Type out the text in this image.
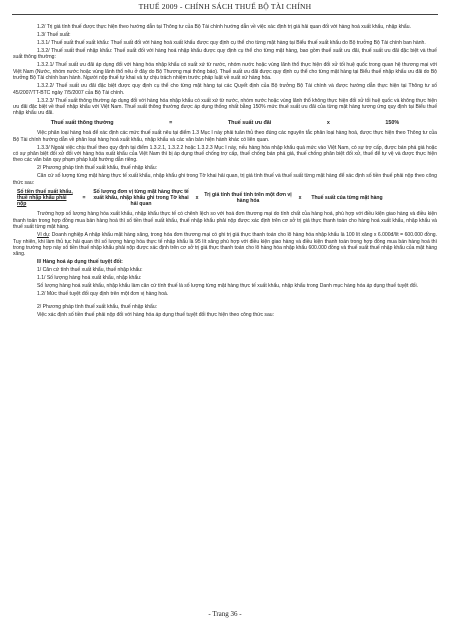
THUẾ 2009 - CHÍNH SÁCH THUẾ BỘ TÀI CHÍNH

1.2/ Trị giá tính thuế được thực hiện theo hướng dẫn tại Thông tư của Bộ Tài chính hướng dẫn về việc xác định trị giá hải quan đối với hàng hoá xuất khẩu, nhập khẩu.

1.3/ Thuế suất:

1.3.1/ Thuế suất thuế xuất khẩu: Thuế suất đối với hàng hoá xuất khẩu được quy định cụ thể cho từng mặt hàng tại Biểu thuế xuất khẩu do Bộ trưởng Bộ Tài chính ban hành.

1.3.2/ Thuế suất thuế nhập khẩu: Thuế suất đối với hàng hoá nhập khẩu được quy định cụ thể cho từng mặt hàng, bao gồm thuế suất ưu đãi, thuế suất ưu đãi đặc biệt và thuế suất thông thường:

1.3.2.1/ Thuế suất ưu đãi áp dụng đối với hàng hóa nhập khẩu có xuất xứ từ nước, nhóm nước hoặc vùng lãnh thổ thực hiện đối xử tối huệ quốc trong quan hệ thương mại với Việt Nam (Nước, nhóm nước hoặc vùng lãnh thổ nêu ở đây do Bộ Thương mại thông báo). Thuế suất ưu đãi được quy định cụ thể cho từng mặt hàng tại Biểu thuế nhập khẩu ưu đãi do Bộ trưởng Bộ Tài chính ban hành. Người nộp thuế tự khai và tự chịu trách nhiệm trước pháp luật về xuất xứ hàng hóa.

1.3.2.2/ Thuế suất ưu đãi đặc biệt được quy định cụ thể cho từng mặt hàng tại các Quyết định của Bộ trưởng Bộ Tài chính và được hướng dẫn thực hiện tại Thông tư số 45/2007/TT-BTC ngày 7/5/2007 của Bộ Tài chính.

1.3.2.3/ Thuế suất thông thường áp dụng đối với hàng hóa nhập khẩu có xuất xứ từ nước, nhóm nước hoặc vùng lãnh thổ không thực hiện đối xử tối huệ quốc và không thực hiện ưu đãi đặc biệt về thuế nhập khẩu với Việt Nam. Thuế suất thông thường được áp dụng thống nhất bằng 150% mức thuế suất ưu đãi của từng mặt hàng tương ứng quy định tại Biểu thuế nhập khẩu ưu đãi.

Thuế suất thông thường	=	Thuế suất ưu đãi	x	150%

Việc phân loại hàng hoá để xác định các mức thuế suất nêu tại điểm 1.3 Mục I này phải tuân thủ theo đúng các nguyên tắc phân loại hàng hoá, được thực hiện theo Thông tư của Bộ Tài chính hướng dẫn về phân loại hàng hoá xuất khẩu, nhập khẩu và các văn bản hiện hành khác có liên quan.

1.3.3/ Ngoài việc chịu thuế theo quy định tại điểm 1.3.2.1, 1.3.2.2 hoặc 1.3.2.3 Mục I này, nếu hàng hóa nhập khẩu quá mức vào Việt Nam, có sự trợ cấp, được bán phá giá hoặc có sự phân biệt đối xử đối với hàng hóa xuất khẩu của Việt Nam thì bị áp dụng thuế chống trợ cấp, thuế chống bán phá giá, thuế chống phân biệt đối xử, thuế để tự vệ và được thực hiện theo các văn bản quy phạm pháp luật hướng dẫn riêng.

2/ Phương pháp tính thuế xuất khẩu, thuế nhập khẩu:

Căn cứ số lượng từng mặt hàng thực tế xuất khẩu, nhập khẩu ghi trong Tờ khai hải quan, trị giá tính thuế và thuế suất từng mặt hàng để xác định số tiền thuế phải nộp theo công thức sau:

Số tiền thuế xuất khẩu, thuế nhập khẩu phải nộp
=
Số lượng đơn vị từng mặt hàng thực tế xuất khẩu, nhập khẩu ghi trong Tờ khai hải quan
x	Trị giá tính thuế tính trên một đơn vị hàng hóa	x	Thuế suất của từng mặt hàng

Trường hợp số lượng hàng hóa xuất khẩu, nhập khẩu thực tế có chênh lệch so với hoá đơn thương mại do tính chất của hàng hoá, phù hợp với điều kiện giao hàng và điều kiện thanh toán trong hợp đồng mua bán hàng hoá thì số tiền thuế xuất khẩu, thuế nhập khẩu phải nộp được xác định trên cơ sở trị giá thực thanh toán cho hàng hoá xuất khẩu, nhập khẩu và thuế suất từng mặt hàng.

Ví dụ: Doanh nghiệp A nhập khẩu mặt hàng xăng, trong hóa đơn thương mại có ghi trị giá thực thanh toán cho lô hàng hóa nhập khẩu là 100 lít xăng x 6.000đ/lít = 600.000 đồng. Tuy nhiên, khi làm thủ tục hải quan thì số lượng hàng hóa thực tế nhập khẩu là 95 lít xăng phù hợp với điều kiện giao hàng và điều kiện thanh toán trong hợp đồng mua bán hàng hoá thì trong trường hợp này số tiền thuế nhập khẩu phải nộp được xác định trên cơ sở trị giá thực thanh toán cho lô hàng hóa nhập khẩu 600.000 đồng và thuế suất thuế nhập khẩu của mặt hàng xăng.

II/ Hàng hoá áp dụng thuế tuyệt đối:

1/ Căn cứ tính thuế xuất khẩu, thuế nhập khẩu:

1.1/ Số lượng hàng hoá xuất khẩu, nhập khẩu:

Số lượng hàng hoá xuất khẩu, nhập khẩu làm căn cứ tính thuế là số lượng từng mặt hàng thực tế xuất khẩu, nhập khẩu trong Danh mục hàng hóa áp dụng thuế tuyệt đối.

1.2/ Mức thuế tuyệt đối quy định trên một đơn vị hàng hoá.

2/ Phương pháp tính thuế xuất khẩu, thuế nhập khẩu:

Việc xác định số tiền thuế phải nộp đối với hàng hóa áp dụng thuế tuyệt đối thực hiện theo công thức sau:

- Trang 36 -
